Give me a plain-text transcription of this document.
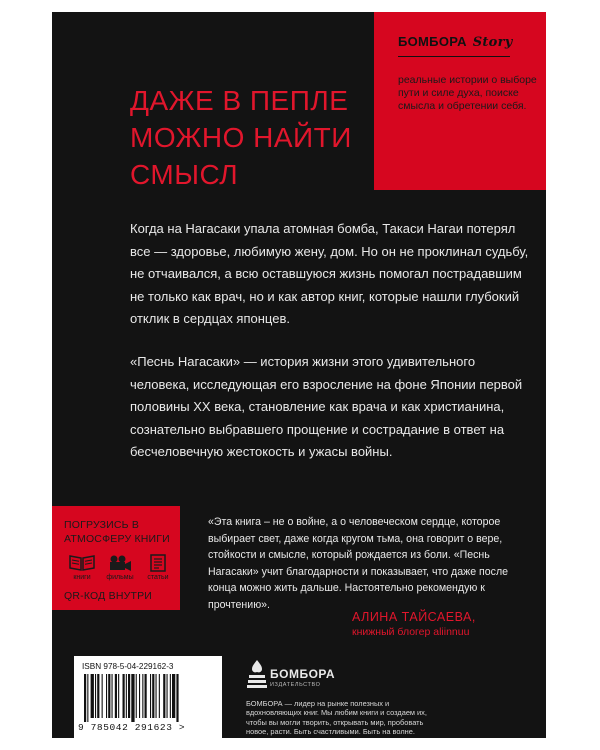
БОМБОРА Story
реальные истории о выборе пути и силе духа, поиске смысла и обретении себя.
ДАЖЕ В ПЕПЛЕ
МОЖНО НАЙТИ
СМЫСЛ

Когда на Нагасаки упала атомная бомба, Такаси Нагаи потерял все — здоровье, любимую жену, дом. Но он не проклинал судьбу, не отчаивался, а всю оставшуюся жизнь помогал пострадавшим не только как врач, но и как автор книг, которые нашли глубокий отклик в сердцах японцев.

«Песнь Нагасаки» — история жизни этого удивительного человека, исследующая его взросление на фоне Японии первой половины XX века, становление как врача и как христианина, сознательно выбравшего прощение и сострадание в ответ на бесчеловечную жестокость и ужасы войны.

ПОГРУЗИСЬ В АТМОСФЕРУ КНИГИ
книги	фильмы	статьи
QR-КОД ВНУТРИ
«Эта книга – не о войне, а о человеческом сердце, которое выбирает свет, даже когда кругом тьма, она говорит о вере, стойкости и смысле, который рождается из боли. «Песнь Нагасаки» учит благодарности и показывает, что даже после конца можно жить дальше. Настоятельно рекомендую к прочтению».
АЛИНА ТАЙСАЕВА,
книжный блогер aliinnuu
ISBN 978-5-04-229162-3
9 785042 291623 >
БОМБОРА
ИЗДАТЕЛЬСТВО
БОМБОРА — лидер на рынке полезных и вдохновляющих книг. Мы любим книги и создаем их, чтобы вы могли творить, открывать мир, пробовать новое, расти. Быть счастливыми. Быть на волне.
